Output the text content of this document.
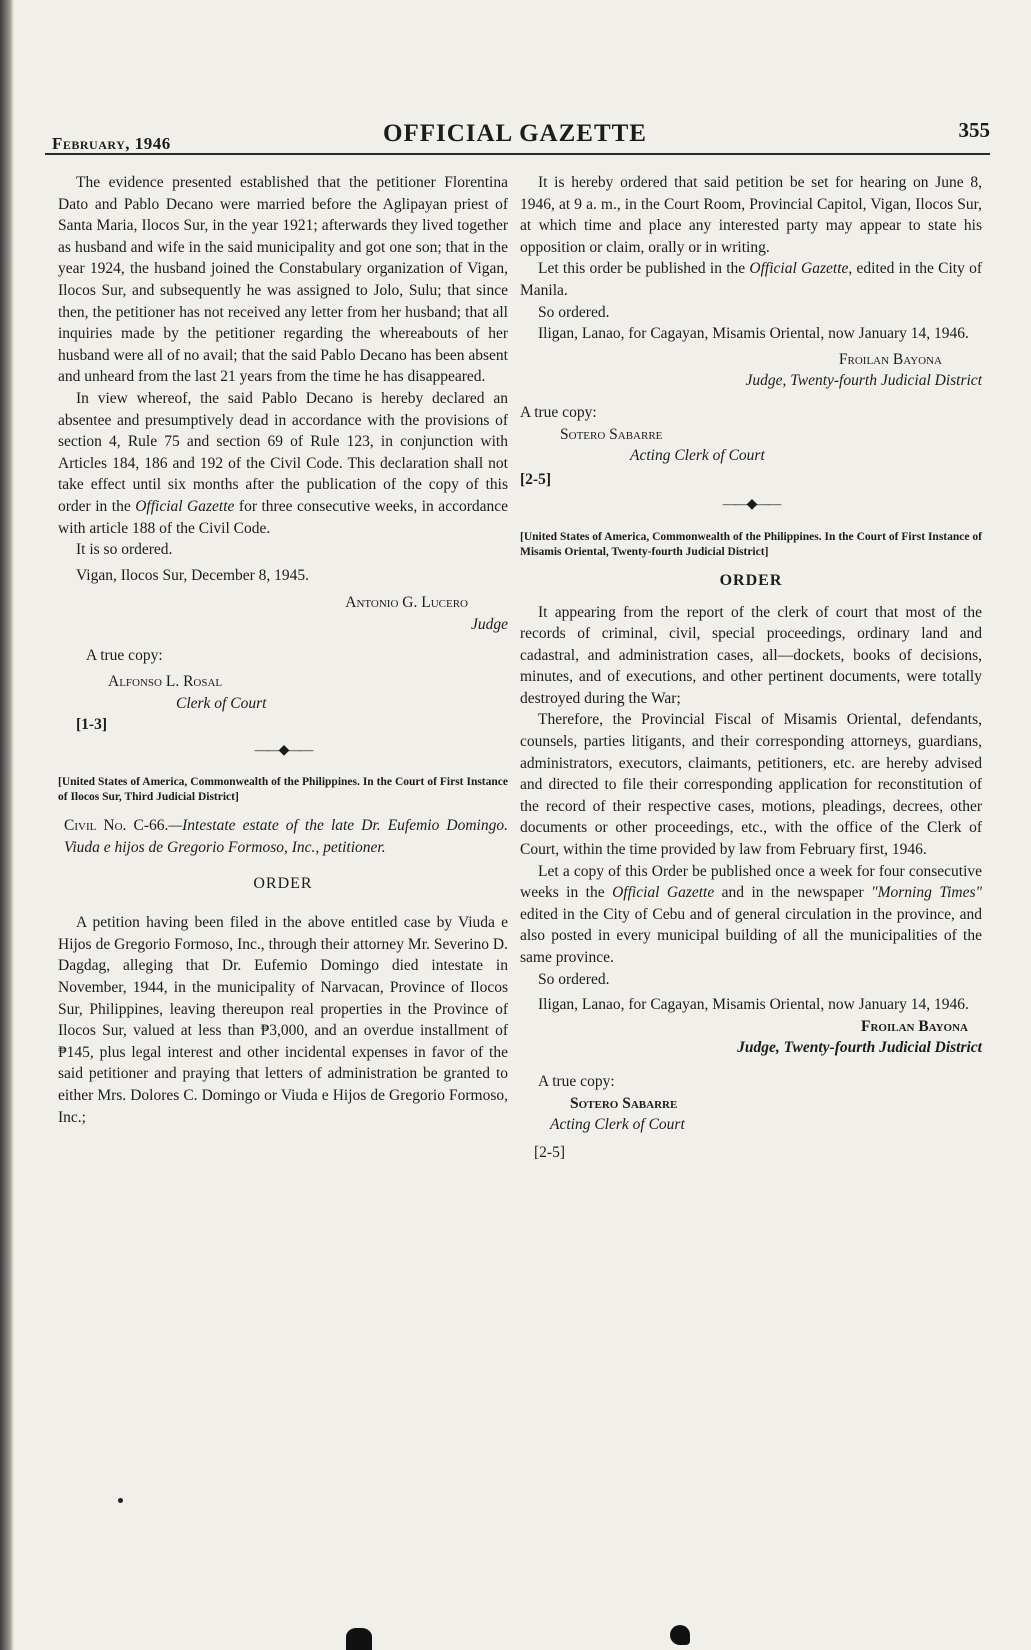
February, 1946	OFFICIAL GAZETTE	355

The evidence presented established that the petitioner Florentina Dato and Pablo Decano were married before the Aglipayan priest of Santa Maria, Ilocos Sur, in the year 1921; afterwards they lived together as husband and wife in the said municipality and got one son; that in the year 1924, the husband joined the Constabulary organization of Vigan, Ilocos Sur, and subsequently he was assigned to Jolo, Sulu; that since then, the petitioner has not received any letter from her husband; that all inquiries made by the petitioner regarding the whereabouts of her husband were all of no avail; that the said Pablo Decano has been absent and unheard from the last 21 years from the time he has disappeared.

In view whereof, the said Pablo Decano is hereby declared an absentee and presumptively dead in accordance with the provisions of section 4, Rule 75 and section 69 of Rule 123, in conjunction with Articles 184, 186 and 192 of the Civil Code. This declaration shall not take effect until six months after the publication of the copy of this order in the Official Gazette for three consecutive weeks, in accordance with article 188 of the Civil Code.

It is so ordered.

Vigan, Ilocos Sur, December 8, 1945.

Antonio G. Lucero
Judge

A true copy:

Alfonso L. Rosal
Clerk of Court
[1-3]
——◆——
[United States of America, Commonwealth of the Philippines. In the Court of First Instance of Ilocos Sur, Third Judicial District]

Civil No. C-66.—Intestate estate of the late Dr. Eufemio Domingo. Viuda e hijos de Gregorio Formoso, Inc., petitioner.

ORDER

A petition having been filed in the above entitled case by Viuda e Hijos de Gregorio Formoso, Inc., through their attorney Mr. Severino D. Dagdag, alleging that Dr. Eufemio Domingo died intestate in November, 1944, in the municipality of Narvacan, Province of Ilocos Sur, Philippines, leaving thereupon real properties in the Province of Ilocos Sur, valued at less than ₱3,000, and an overdue installment of ₱145, plus legal interest and other incidental expenses in favor of the said petitioner and praying that letters of administration be granted to either Mrs. Dolores C. Domingo or Viuda e Hijos de Gregorio Formoso, Inc.;

It is hereby ordered that said petition be set for hearing on June 8, 1946, at 9 a. m., in the Court Room, Provincial Capitol, Vigan, Ilocos Sur, at which time and place any interested party may appear to state his opposition or claim, orally or in writing.

Let this order be published in the Official Gazette, edited in the City of Manila.

So ordered.

Iligan, Lanao, for Cagayan, Misamis Oriental, now January 14, 1946.

Froilan Bayona
Judge, Twenty-fourth Judicial District

A true copy:

Sotero Sabarre
Acting Clerk of Court
[2-5]
——◆——
[United States of America, Commonwealth of the Philippines. In the Court of First Instance of Misamis Oriental, Twenty-fourth Judicial District]
ORDER

It appearing from the report of the clerk of court that most of the records of criminal, civil, special proceedings, ordinary land and cadastral, and administration cases, all—dockets, books of decisions, minutes, and of executions, and other pertinent documents, were totally destroyed during the War;

Therefore, the Provincial Fiscal of Misamis Oriental, defendants, counsels, parties litigants, and their corresponding attorneys, guardians, administrators, executors, claimants, petitioners, etc. are hereby advised and directed to file their corresponding application for reconstitution of the record of their respective cases, motions, pleadings, decrees, other documents or other proceedings, etc., with the office of the Clerk of Court, within the time provided by law from February first, 1946.

Let a copy of this Order be published once a week for four consecutive weeks in the Official Gazette and in the newspaper "Morning Times" edited in the City of Cebu and of general circulation in the province, and also posted in every municipal building of all the municipalities of the same province.

So ordered.

Iligan, Lanao, for Cagayan, Misamis Oriental, now January 14, 1946.

Froilan Bayona
Judge, Twenty-fourth Judicial District

A true copy:

Sotero Sabarre
Acting Clerk of Court
[2-5]
